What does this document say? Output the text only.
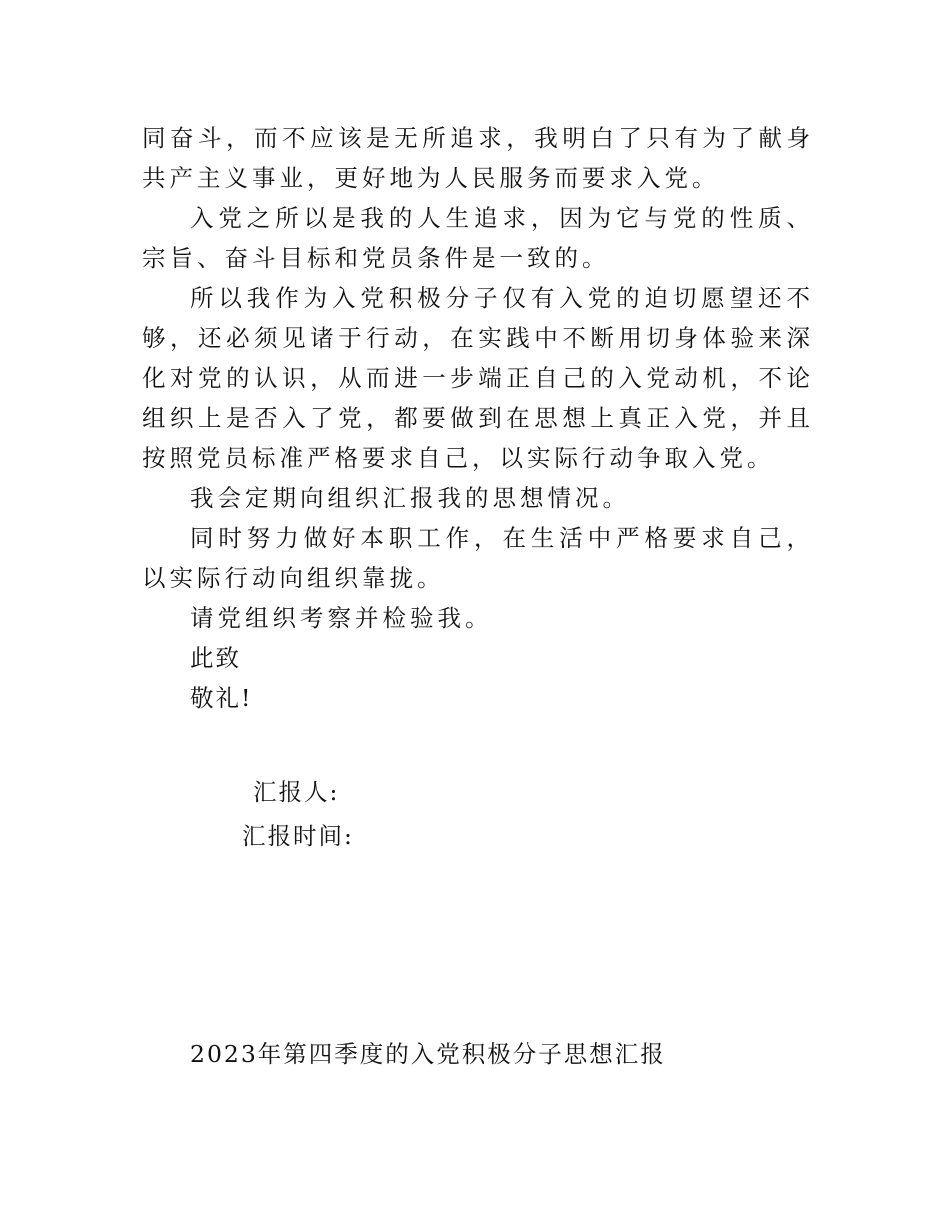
同奋斗，而不应该是无所追求，我明白了只有为了献身共产主义事业，更好地为人民服务而要求入党。

入党之所以是我的人生追求，因为它与党的性质、宗旨、奋斗目标和党员条件是一致的。

所以我作为入党积极分子仅有入党的迫切愿望还不够，还必须见诸于行动，在实践中不断用切身体验来深化对党的认识，从而进一步端正自己的入党动机，不论组织上是否入了党，都要做到在思想上真正入党，并且按照党员标准严格要求自己，以实际行动争取入党。

我会定期向组织汇报我的思想情况。

同时努力做好本职工作，在生活中严格要求自己，以实际行动向组织靠拢。

请党组织考察并检验我。

此致

敬礼!

汇报人:
汇报时间:
2023年第四季度的入党积极分子思想汇报
